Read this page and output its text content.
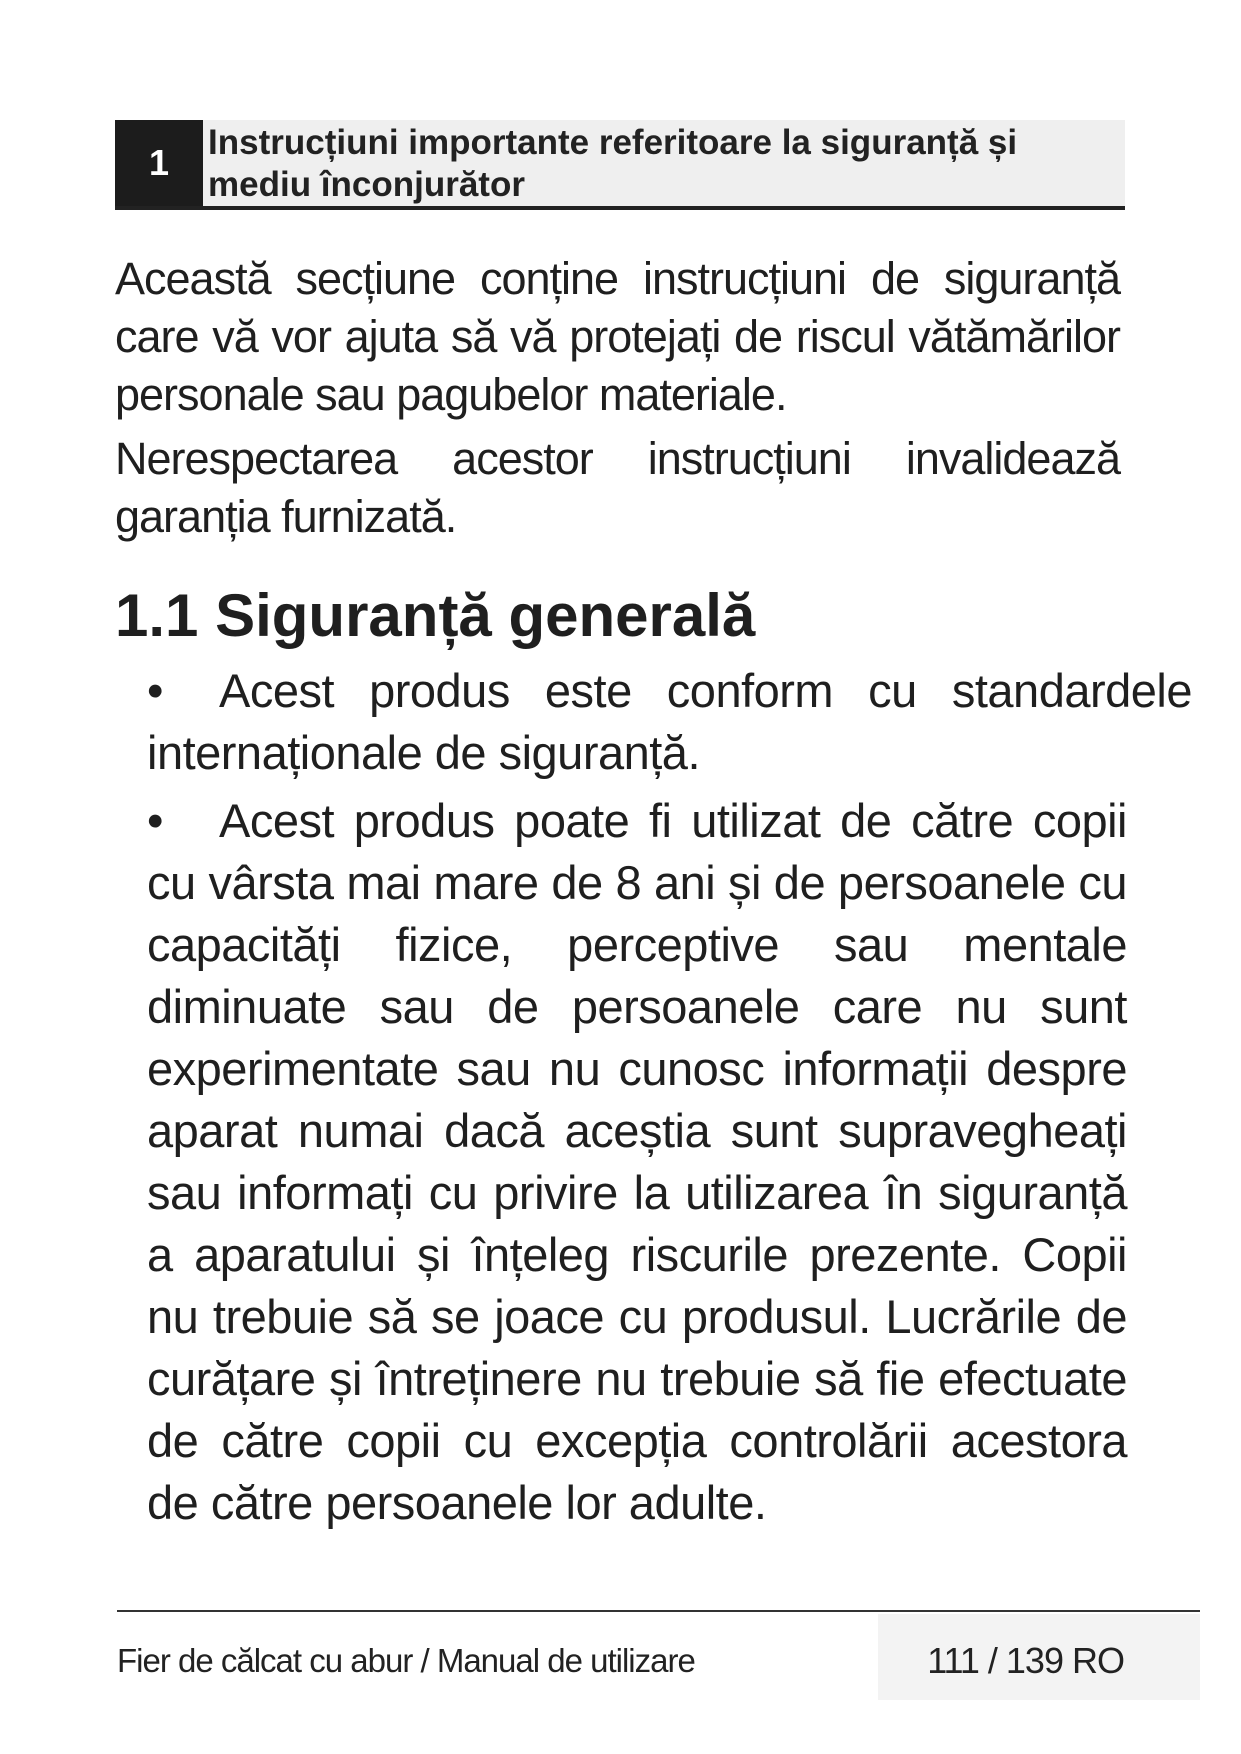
1	Instrucțiuni importante referitoare la siguranță și
mediu înconjurător

Această secțiune conține instrucțiuni de siguranță care vă vor ajuta să vă protejați de riscul vătămărilor personale sau pagubelor materiale.

Nerespectarea acestor instrucțiuni invalidează garanția furnizată.

1.1 Siguranță generală
• Acest produs este conform cu standardele internaționale de siguranță.
• Acest produs poate fi utilizat de către copii cu vârsta mai mare de 8 ani și de persoanele cu capacități fizice, perceptive sau mentale diminuate sau de persoanele care nu sunt experimentate sau nu cunosc informații despre aparat numai dacă aceștia sunt supravegheați sau informați cu privire la utilizarea în siguranță a aparatului și înțeleg riscurile prezente. Copii nu trebuie să se joace cu produsul. Lucrările de curățare și întreținere nu trebuie să fie efectuate de către copii cu excepția controlării acestora de către persoanele lor adulte.
Fier de călcat cu abur / Manual de utilizare	111 / 139 RO
